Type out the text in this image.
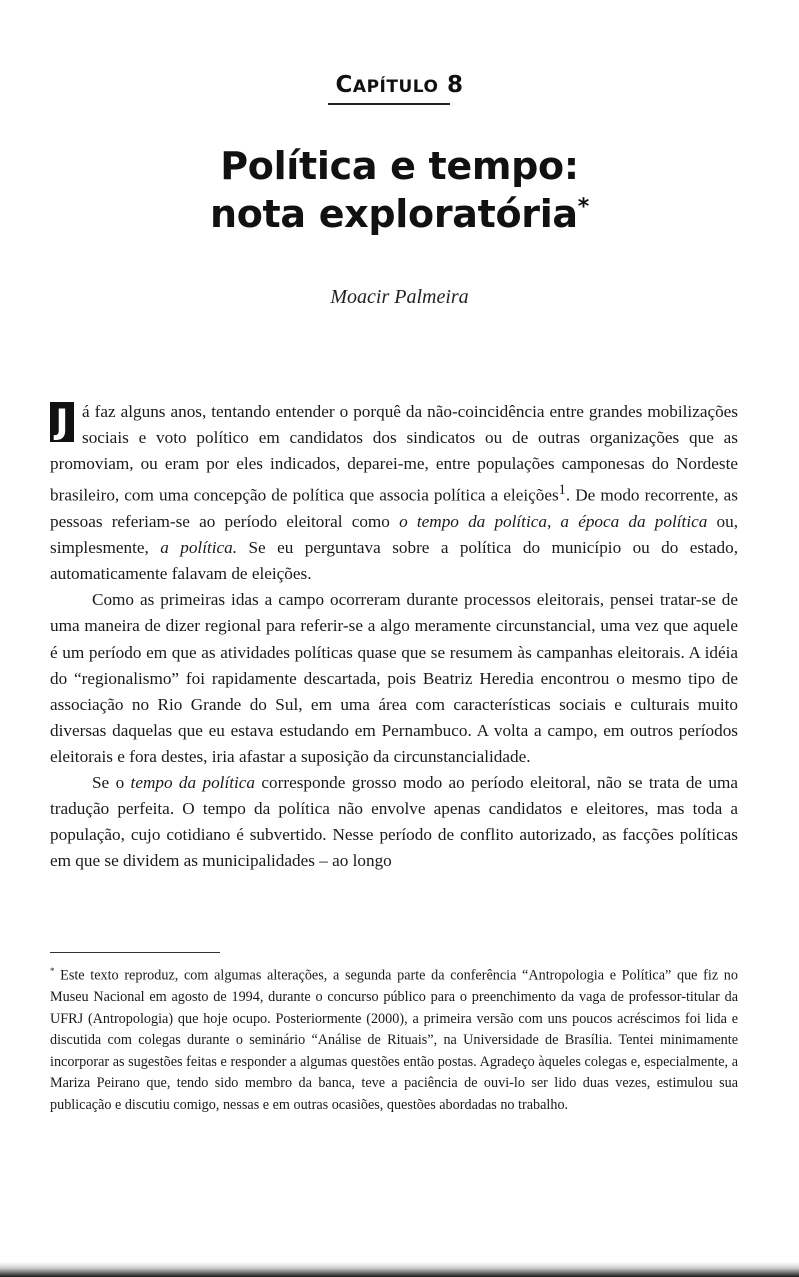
CAPÍTULO 8
Política e tempo:
nota exploratória*
Moacir Palmeira

J á faz alguns anos, tentando entender o porquê da não-coincidência entre grandes mobilizações sociais e voto político em candidatos dos sindicatos ou de outras organizações que as promoviam, ou eram por eles indicados, deparei-me, entre populações camponesas do Nordeste brasileiro, com uma concepção de política que associa política a eleições$^1$. De modo recorrente, as pessoas referiam-se ao período eleitoral como o tempo da política, a época da política ou, simplesmente, a política. Se eu perguntava sobre a política do município ou do estado, automaticamente falavam de eleições.

Como as primeiras idas a campo ocorreram durante processos eleitorais, pensei tratar-se de uma maneira de dizer regional para referir-se a algo meramente circunstancial, uma vez que aquele é um período em que as atividades políticas quase que se resumem às campanhas eleitorais. A idéia do “regionalismo” foi rapidamente descartada, pois Beatriz Heredia encontrou o mesmo tipo de associação no Rio Grande do Sul, em uma área com características sociais e culturais muito diversas daquelas que eu estava estudando em Pernambuco. A volta a campo, em outros períodos eleitorais e fora destes, iria afastar a suposição da circunstancialidade.

Se o tempo da política corresponde grosso modo ao período eleitoral, não se trata de uma tradução perfeita. O tempo da política não envolve apenas candidatos e eleitores, mas toda a população, cujo cotidiano é subvertido. Nesse período de conflito autorizado, as facções políticas em que se dividem as municipalidades – ao longo

* Este texto reproduz, com algumas alterações, a segunda parte da conferência “Antropologia e Política” que fiz no Museu Nacional em agosto de 1994, durante o concurso público para o preenchimento da vaga de professor-titular da UFRJ (Antropologia) que hoje ocupo. Posteriormente (2000), a primeira versão com uns poucos acréscimos foi lida e discutida com colegas durante o seminário “Análise de Rituais”, na Universidade de Brasília. Tentei minimamente incorporar as sugestões feitas e responder a algumas questões então postas. Agradeço àqueles colegas e, especialmente, a Mariza Peirano que, tendo sido membro da banca, teve a paciência de ouvi-lo ser lido duas vezes, estimulou sua publicação e discutiu comigo, nessas e em outras ocasiões, questões abordadas no trabalho.
